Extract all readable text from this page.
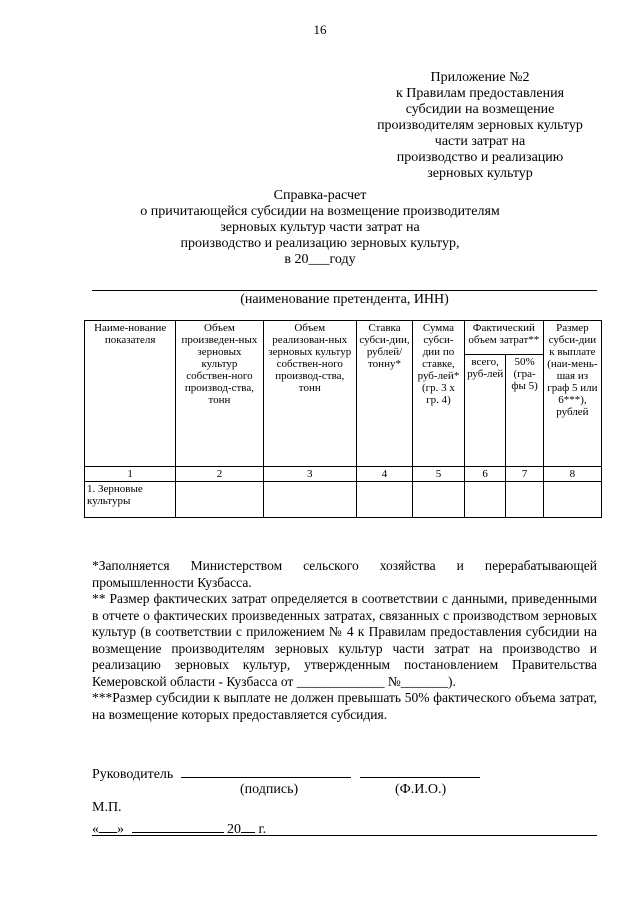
16
Приложение №2
к Правилам предоставления
субсидии на возмещение
производителям зерновых культур
части затрат на
производство и реализацию
зерновых культур
Справка-расчет
о причитающейся субсидии на возмещение производителям
зерновых культур части затрат на
производство и реализацию зерновых культур,
в 20___году
(наименование претендента, ИНН)
Наиме-нование показателя	Объем произведен-ных зерновых культур собствен-ного производ-ства, тонн	Объем реализован-ных зерновых культур собствен-ного производ-ства, тонн	Ставка субси-дии, рублей/ тонну*	Сумма субси-дии по ставке, руб-лей* (гр. 3 х гр. 4)	Фактический объем затрат**		Размер субси-дии к выплате (наи-мень-шая из граф 5 или 6***), рублей
					всего, руб-лей	50% (гра-фы 5)	
1	2	3	4	5	6	7	8
1. Зерновые культуры							

*Заполняется Министерством сельского хозяйства и перерабатывающей промышленности Кузбасса.

** Размер фактических затрат определяется в соответствии с данными, приведенными в отчете о фактических произведенных затратах, связанных с производством зерновых культур (в соответствии с приложением № 4 к Правилам предоставления субсидии на возмещение производителям зерновых культур части затрат на производство и реализацию зерновых культур, утвержденным постановлением Правительства Кемеровской области - Кузбасса от _____________ №_______).

***Размер субсидии к выплате не должен превышать 50% фактического объема затрат, на возмещение которых предоставляется субсидия.

Руководитель
(подпись)	(Ф.И.О.)
М.П.
« »	20 г.
